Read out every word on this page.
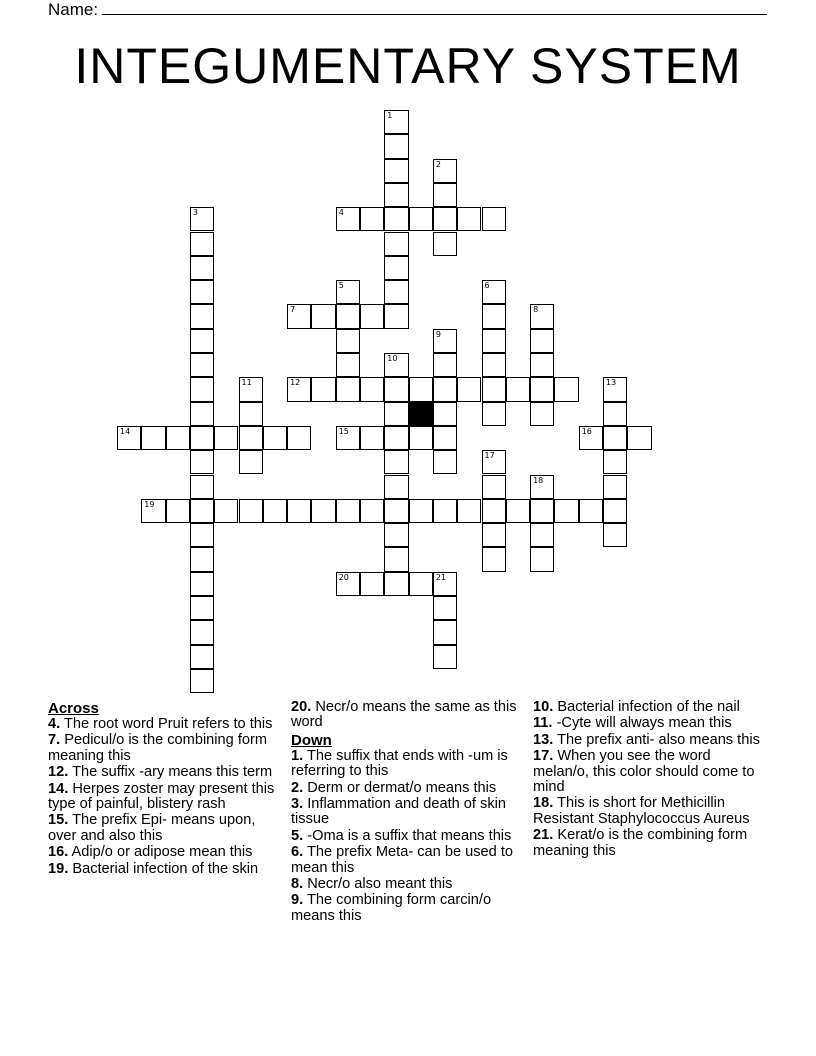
Name:
INTEGUMENTARY SYSTEM
4
7
12
14	15	16
19
20	21
1
2
3
5	6
8
9
10
11	13
17
18
Across
4. The root word Pruit refers to this
7. Pedicul/o is the combining form meaning this
12. The suffix -ary means this term
14. Herpes zoster may present this type of painful, blistery rash
15. The prefix Epi- means upon, over and also this
16. Adip/o or adipose mean this
19. Bacterial infection of the skin
20. Necr/o means the same as this word
Down
1. The suffix that ends with -um is referring to this
2. Derm or dermat/o means this
3. Inflammation and death of skin tissue
5. -Oma is a suffix that means this
6. The prefix Meta- can be used to mean this
8. Necr/o also meant this
9. The combining form carcin/o means this
10. Bacterial infection of the nail
11. -Cyte will always mean this
13. The prefix anti- also means this
17. When you see the word melan/o, this color should come to mind
18. This is short for Methicillin Resistant Staphylococcus Aureus
21. Kerat/o is the combining form meaning this
